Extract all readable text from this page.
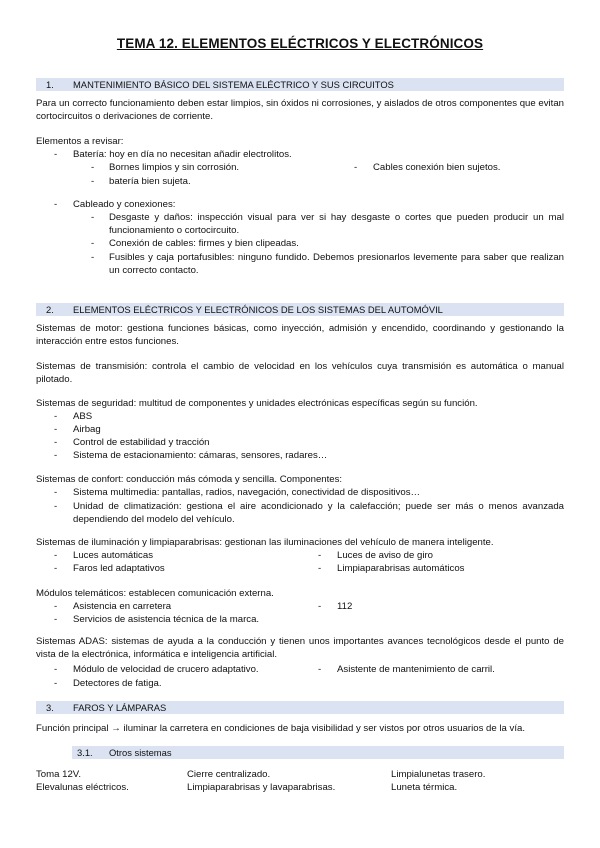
TEMA 12. ELEMENTOS ELÉCTRICOS Y ELECTRÓNICOS
1. MANTENIMIENTO BÁSICO DEL SISTEMA ELÉCTRICO Y SUS CIRCUITOS
Para un correcto funcionamiento deben estar limpios, sin óxidos ni corrosiones, y aislados de otros componentes que evitan cortocircuitos o derivaciones de corriente.
Elementos a revisar:
- Batería: hoy en día no necesitan añadir electrolitos.
- Bornes limpios y sin corrosión.
- batería bien sujeta.
- Cables conexión bien sujetos.
- Cableado y conexiones:
- Desgaste y daños: inspección visual para ver si hay desgaste o cortes que pueden producir un mal funcionamiento o cortocircuito.
- Conexión de cables: firmes y bien clipeadas.
- Fusibles y caja portafusibles: ninguno fundido. Debemos presionarlos levemente para saber que realizan un correcto contacto.
2. ELEMENTOS ELÉCTRICOS Y ELECTRÓNICOS DE LOS SISTEMAS DEL AUTOMÓVIL
Sistemas de motor: gestiona funciones básicas, como inyección, admisión y encendido, coordinando y gestionando la interacción entre estos funciones.
Sistemas de transmisión: controla el cambio de velocidad en los vehículos cuya transmisión es automática o manual pilotado.
Sistemas de seguridad: multitud de componentes y unidades electrónicas específicas según su función.
- ABS
- Airbag
- Control de estabilidad y tracción
- Sistema de estacionamiento: cámaras, sensores, radares…
Sistemas de confort: conducción más cómoda y sencilla. Componentes:
- Sistema multimedia: pantallas, radios, navegación, conectividad de dispositivos…
- Unidad de climatización: gestiona el aire acondicionado y la calefacción; puede ser más o menos avanzada dependiendo del modelo del vehículo.
Sistemas de iluminación y limpiaparabrisas: gestionan las iluminaciones del vehículo de manera inteligente.
- Luces automáticas
- Faros led adaptativos
- Luces de aviso de giro
- Limpiaparabrisas automáticos
Módulos telemáticos: establecen comunicación externa.
- Asistencia en carretera
- Servicios de asistencia técnica de la marca.
- 112
Sistemas ADAS: sistemas de ayuda a la conducción y tienen unos importantes avances tecnológicos desde el punto de vista de la electrónica, informática e inteligencia artificial.
- Módulo de velocidad de crucero adaptativo.
- Detectores de fatiga.
- Asistente de mantenimiento de carril.
3. FAROS Y LÁMPARAS
Función principal → iluminar la carretera en condiciones de baja visibilidad y ser vistos por otros usuarios de la vía.
3.1. Otros sistemas
Toma 12V.
Elevalunas eléctricos.
Cierre centralizado.
Limpiaparabrisas y lavaparabrisas.
Limpialunetas trasero.
Luneta térmica.
